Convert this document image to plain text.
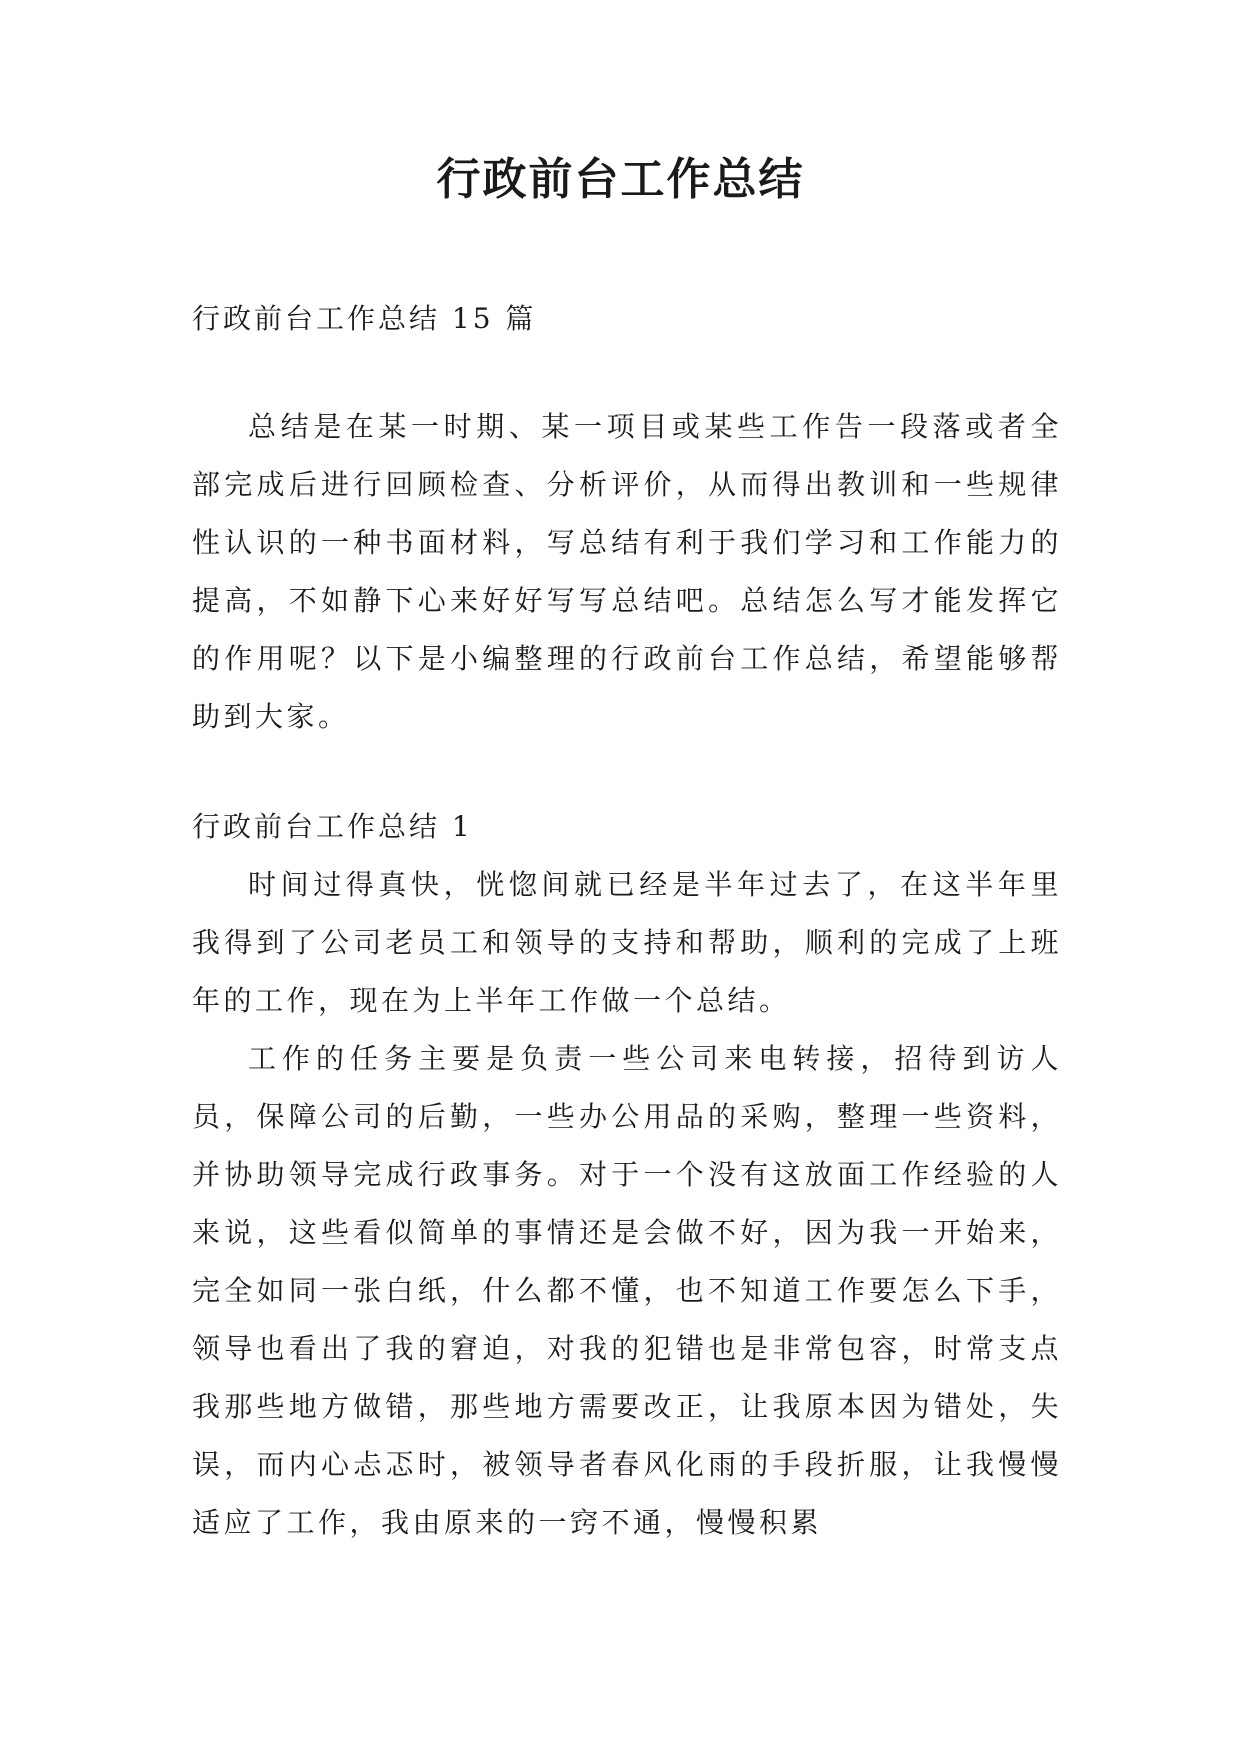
行政前台工作总结

行政前台工作总结 15 篇

总结是在某一时期、某一项目或某些工作告一段落或者全部完成后进行回顾检查、分析评价，从而得出教训和一些规律性认识的一种书面材料，写总结有利于我们学习和工作能力的提高，不如静下心来好好写写总结吧。总结怎么写才能发挥它的作用呢？以下是小编整理的行政前台工作总结，希望能够帮助到大家。

行政前台工作总结 1

时间过得真快，恍惚间就已经是半年过去了，在这半年里我得到了公司老员工和领导的支持和帮助，顺利的完成了上班年的工作，现在为上半年工作做一个总结。

工作的任务主要是负责一些公司来电转接，招待到访人员，保障公司的后勤，一些办公用品的采购，整理一些资料，并协助领导完成行政事务。对于一个没有这放面工作经验的人来说，这些看似简单的事情还是会做不好，因为我一开始来，完全如同一张白纸，什么都不懂，也不知道工作要怎么下手，领导也看出了我的窘迫，对我的犯错也是非常包容，时常支点我那些地方做错，那些地方需要改正，让我原本因为错处，失误，而内心忐忑时，被领导者春风化雨的手段折服，让我慢慢适应了工作，我由原来的一窍不通，慢慢积累
